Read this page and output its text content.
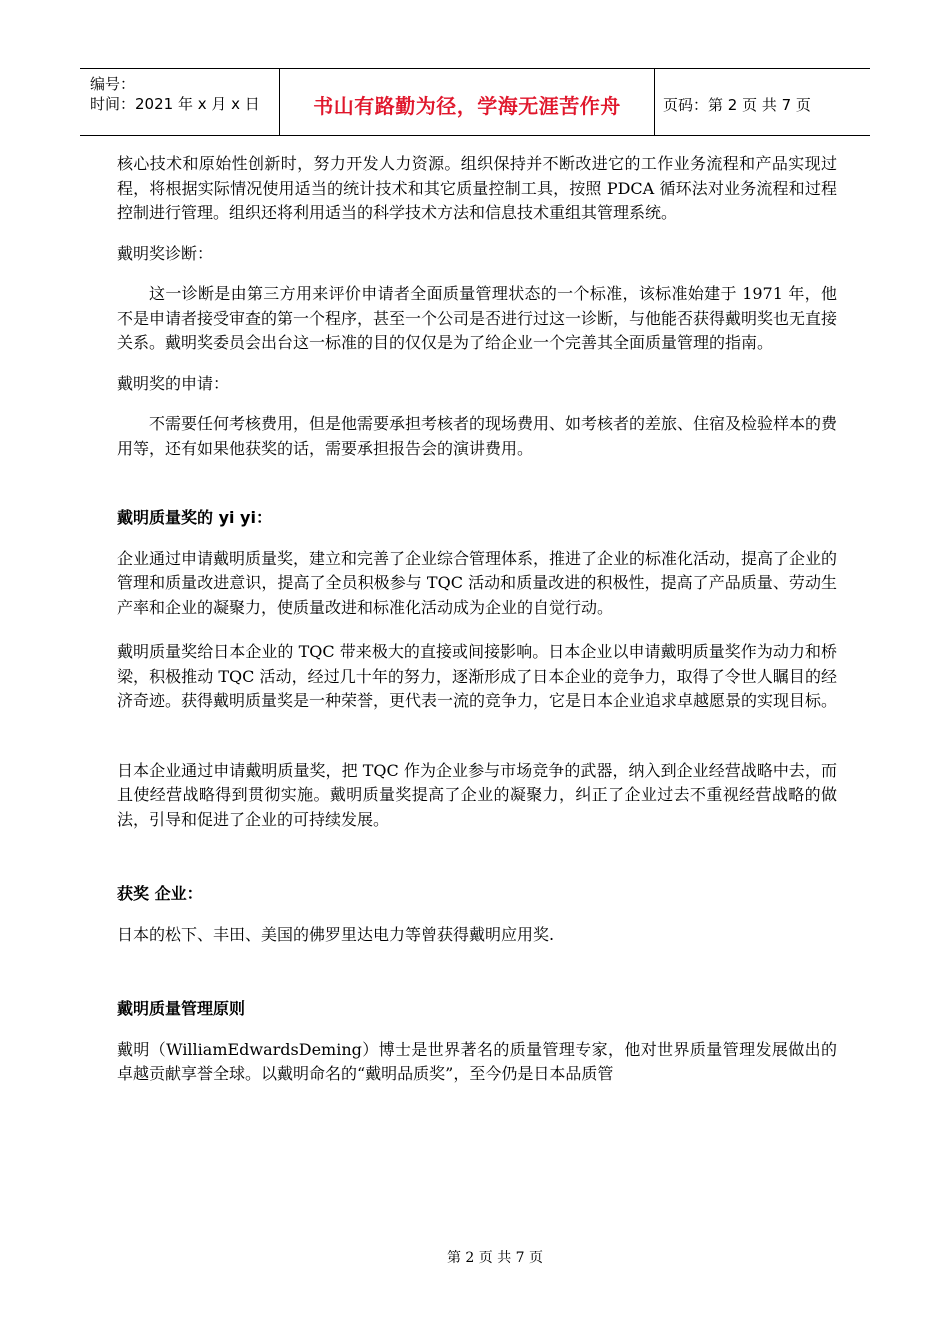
编号：
时间：2021 年 x 月 x 日	书山有路勤为径，学海无涯苦作舟	页码：第 2 页 共 7 页

核心技术和原始性创新时，努力开发人力资源。组织保持并不断改进它的工作业务流程和产品实现过程，将根据实际情况使用适当的统计技术和其它质量控制工具，按照 PDCA 循环法对业务流程和过程控制进行管理。组织还将利用适当的科学技术方法和信息技术重组其管理系统。

戴明奖诊断：

这一诊断是由第三方用来评价申请者全面质量管理状态的一个标准，该标准始建于 1971 年，他不是申请者接受审查的第一个程序，甚至一个公司是否进行过这一诊断，与他能否获得戴明奖也无直接关系。戴明奖委员会出台这一标准的目的仅仅是为了给企业一个完善其全面质量管理的指南。

戴明奖的申请：

不需要任何考核费用，但是他需要承担考核者的现场费用、如考核者的差旅、住宿及检验样本的费用等，还有如果他获奖的话，需要承担报告会的演讲费用。

戴明质量奖的 yi yi：

企业通过申请戴明质量奖，建立和完善了企业综合管理体系，推进了企业的标准化活动，提高了企业的管理和质量改进意识，提高了全员积极参与 TQC 活动和质量改进的积极性，提高了产品质量、劳动生产率和企业的凝聚力，使质量改进和标准化活动成为企业的自觉行动。

戴明质量奖给日本企业的 TQC 带来极大的直接或间接影响。日本企业以申请戴明质量奖作为动力和桥梁，积极推动 TQC 活动，经过几十年的努力，逐渐形成了日本企业的竞争力，取得了令世人瞩目的经济奇迹。获得戴明质量奖是一种荣誉，更代表一流的竞争力，它是日本企业追求卓越愿景的实现目标。

日本企业通过申请戴明质量奖，把 TQC 作为企业参与市场竞争的武器，纳入到企业经营战略中去，而且使经营战略得到贯彻实施。戴明质量奖提高了企业的凝聚力，纠正了企业过去不重视经营战略的做法，引导和促进了企业的可持续发展。

获奖 企业：

日本的松下、丰田、美国的佛罗里达电力等曾获得戴明应用奖.

戴明质量管理原则

戴明（WilliamEdwardsDeming）博士是世界著名的质量管理专家，他对世界质量管理发展做出的卓越贡献享誉全球。以戴明命名的“戴明品质奖”，至今仍是日本品质管

第 2 页 共 7 页
